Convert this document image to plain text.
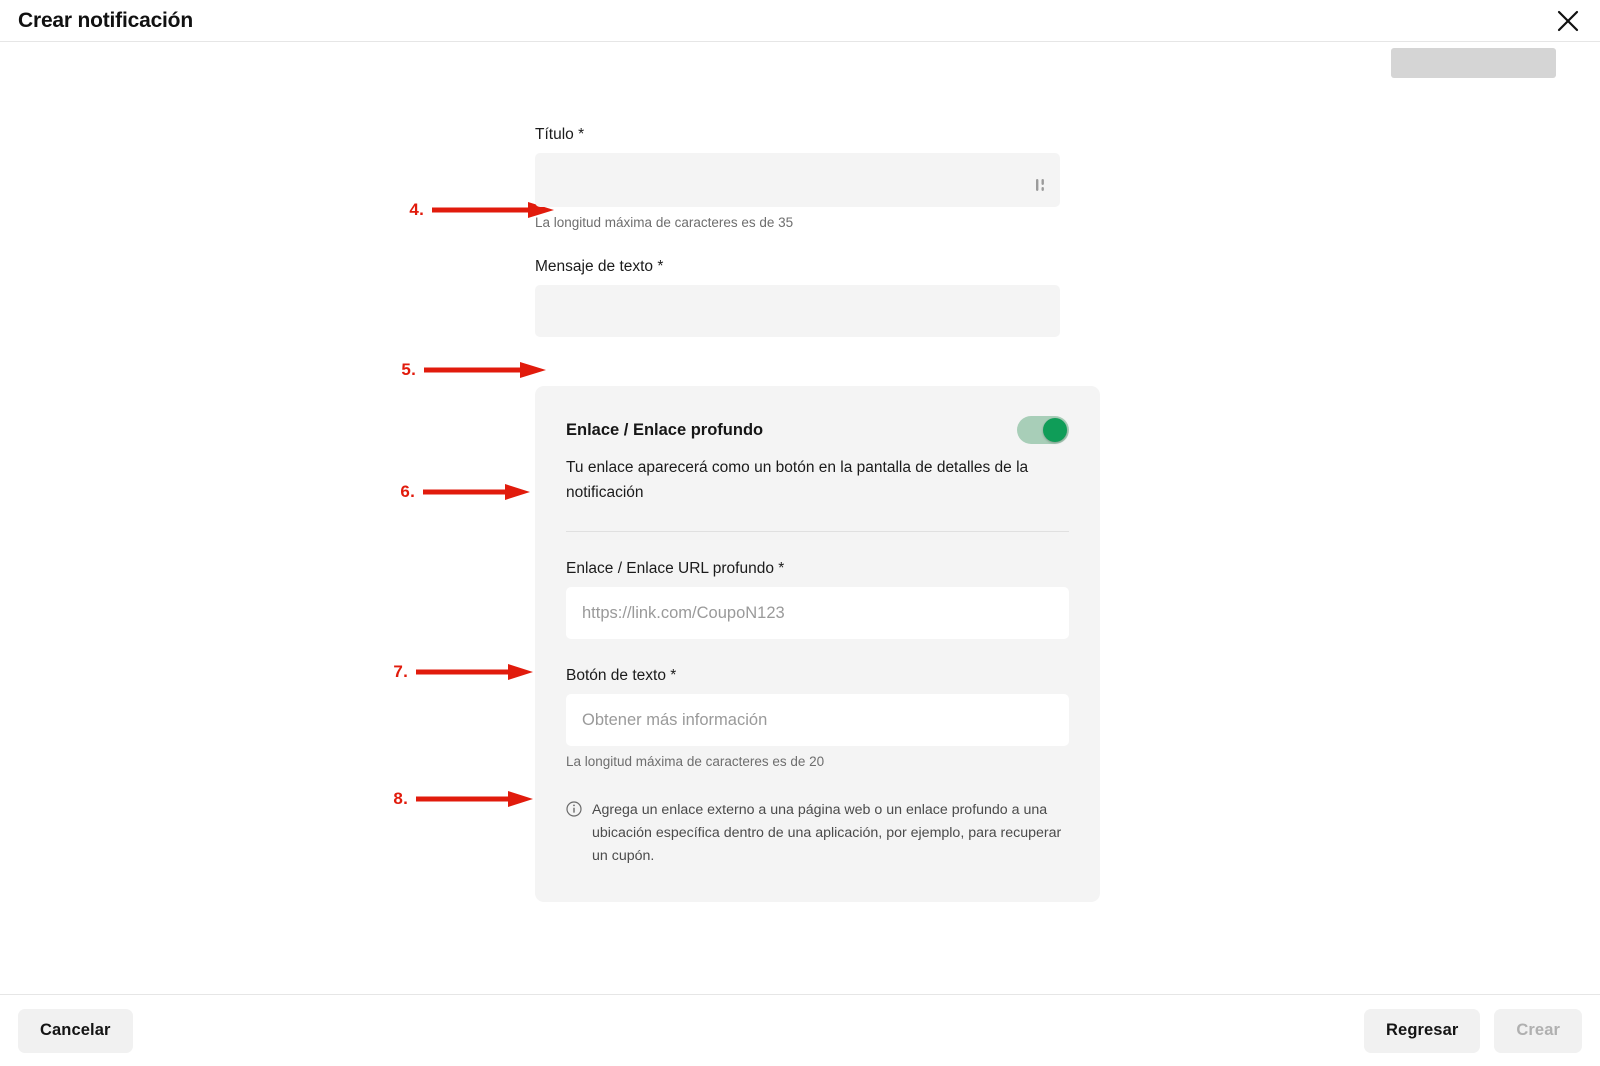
Crear notificación
4.
5.
6.
7.
8.
Título *
La longitud máxima de caracteres es de 35
Mensaje de texto *
Enlace / Enlace profundo
Tu enlace aparecerá como un botón en la pantalla de detalles de la notificación
Enlace / Enlace URL profundo *
https://link.com/CoupoN123
Botón de texto *
Obtener más información
La longitud máxima de caracteres es de 20
Agrega un enlace externo a una página web o un enlace profundo a una ubicación específica dentro de una aplicación, por ejemplo, para recuperar un cupón.
Cancelar	Regresar	Crear
